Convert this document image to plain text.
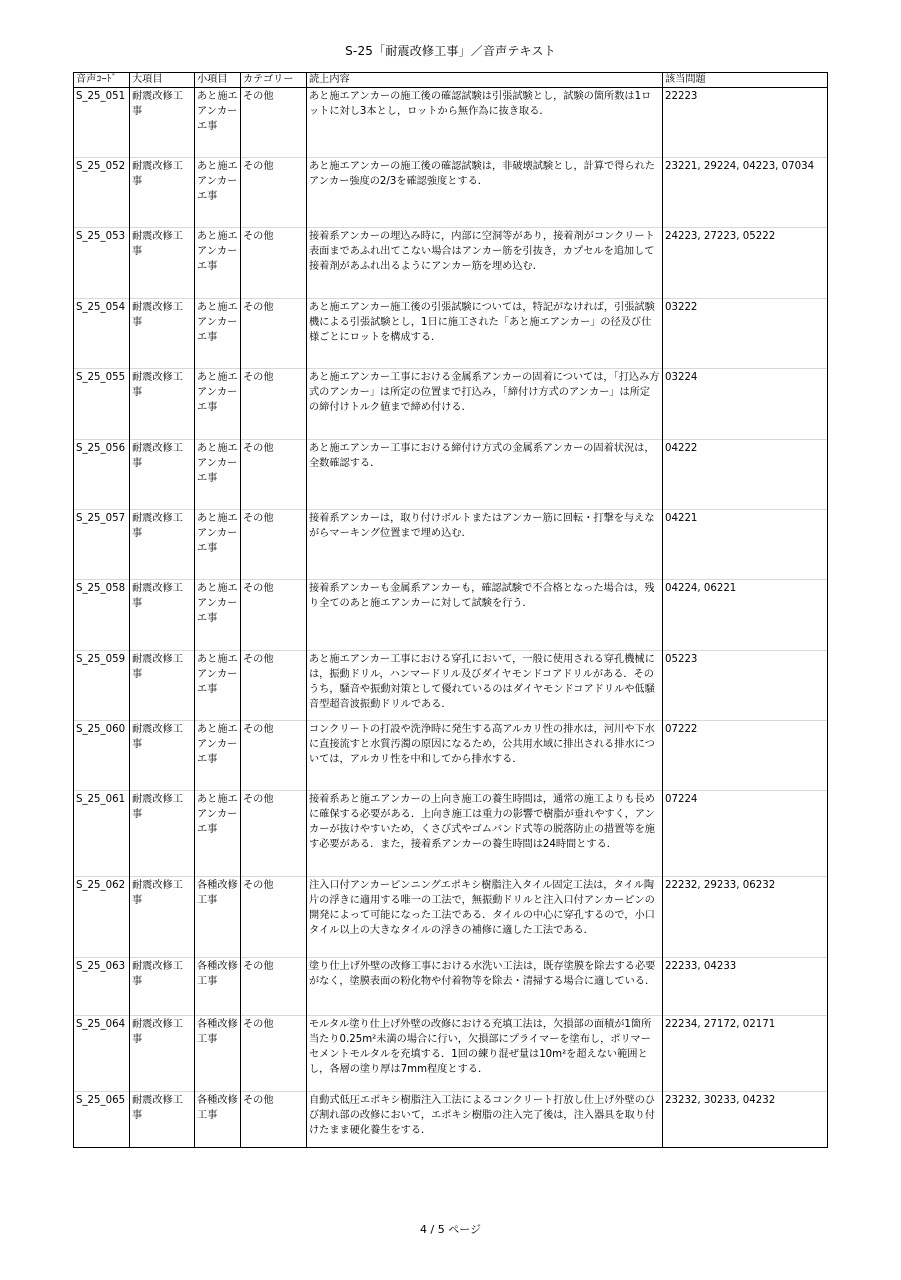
S-25「耐震改修工事」／音声テキスト
音声ｺｰﾄﾞ	大項目	小項目	カテゴリー	読上内容	該当問題
S_25_051	耐震改修工事	あと施エアンカーエ事	その他	あと施エアンカーの施工後の確認試験は引張試験とし，試験の箇所数は1ロットに対し3本とし，ロットから無作為に抜き取る．	22223
S_25_052	耐震改修工事	あと施エアンカーエ事	その他	あと施エアンカーの施工後の確認試験は，非破壊試験とし，計算で得られたアンカー強度の2/3を確認強度とする．	23221, 29224, 04223, 07034
S_25_053	耐震改修工事	あと施エアンカーエ事	その他	接着系アンカーの埋込み時に，内部に空洞等があり，接着剤がコンクリート表面まであふれ出てこない場合はアンカー筋を引抜き，カプセルを追加して接着剤があふれ出るようにアンカー筋を埋め込む．	24223, 27223, 05222
S_25_054	耐震改修工事	あと施エアンカーエ事	その他	あと施エアンカー施工後の引張試験については，特記がなければ，引張試験機による引張試験とし，1日に施工された「あと施エアンカー」の径及び仕様ごとにロットを構成する．	03222
S_25_055	耐震改修工事	あと施エアンカーエ事	その他	あと施エアンカー工事における金属系アンカーの固着については，「打込み方式のアンカー」は所定の位置まで打込み，「締付け方式のアンカー」は所定の締付けトルク値まで締め付ける．	03224
S_25_056	耐震改修工事	あと施エアンカーエ事	その他	あと施エアンカー工事における締付け方式の金属系アンカーの固着状況は，全数確認する．	04222
S_25_057	耐震改修工事	あと施エアンカーエ事	その他	接着系アンカーは，取り付けボルトまたはアンカー筋に回転・打撃を与えながらマーキング位置まで埋め込む．	04221
S_25_058	耐震改修工事	あと施エアンカーエ事	その他	接着系アンカーも金属系アンカーも，確認試験で不合格となった場合は，残り全てのあと施エアンカーに対して試験を行う．	04224, 06221
S_25_059	耐震改修工事	あと施エアンカーエ事	その他	あと施エアンカー工事における穿孔において，一般に使用される穿孔機械には，振動ドリル，ハンマードリル及びダイヤモンドコアドリルがある．そのうち，騒音や振動対策として優れているのはダイヤモンドコアドリルや低騒音型超音波振動ドリルである．	05223
S_25_060	耐震改修工事	あと施エアンカーエ事	その他	コンクリートの打設や洗浄時に発生する高アルカリ性の排水は，河川や下水に直接流すと水質汚濁の原因になるため，公共用水域に排出される排水については，アルカリ性を中和してから排水する．	07222
S_25_061	耐震改修工事	あと施エアンカーエ事	その他	接着系あと施エアンカーの上向き施工の養生時間は，通常の施工よりも長めに確保する必要がある．上向き施工は重力の影響で樹脂が垂れやすく，アンカーが抜けやすいため，くさび式やゴムバンド式等の脱落防止の措置等を施す必要がある．また，接着系アンカーの養生時間は24時間とする．	07224
S_25_062	耐震改修工事	各種改修工事	その他	注入口付アンカーピンニングエポキシ樹脂注入タイル固定工法は，タイル陶片の浮きに適用する唯一の工法で，無振動ドリルと注入口付アンカーピンの開発によって可能になった工法である．タイルの中心に穿孔するので，小口タイル以上の大きなタイルの浮きの補修に適した工法である．	22232, 29233, 06232
S_25_063	耐震改修工事	各種改修工事	その他	塗り仕上げ外壁の改修工事における水洗い工法は，既存塗膜を除去する必要がなく，塗膜表面の粉化物や付着物等を除去・清掃する場合に適している．	22233, 04233
S_25_064	耐震改修工事	各種改修工事	その他	モルタル塗り仕上げ外壁の改修における充填工法は，欠損部の面積が1箇所当たり0.25m²未満の場合に行い，欠損部にプライマーを塗布し，ポリマーセメントモルタルを充填する．1回の練り混ぜ量は10m²を超えない範囲とし，各層の塗り厚は7mm程度とする．	22234, 27172, 02171
S_25_065	耐震改修工事	各種改修工事	その他	自動式低圧エポキシ樹脂注入工法によるコンクリート打放し仕上げ外壁のひび割れ部の改修において，エポキシ樹脂の注入完了後は，注入器具を取り付けたまま硬化養生をする．	23232, 30233, 04232
4 / 5 ページ
